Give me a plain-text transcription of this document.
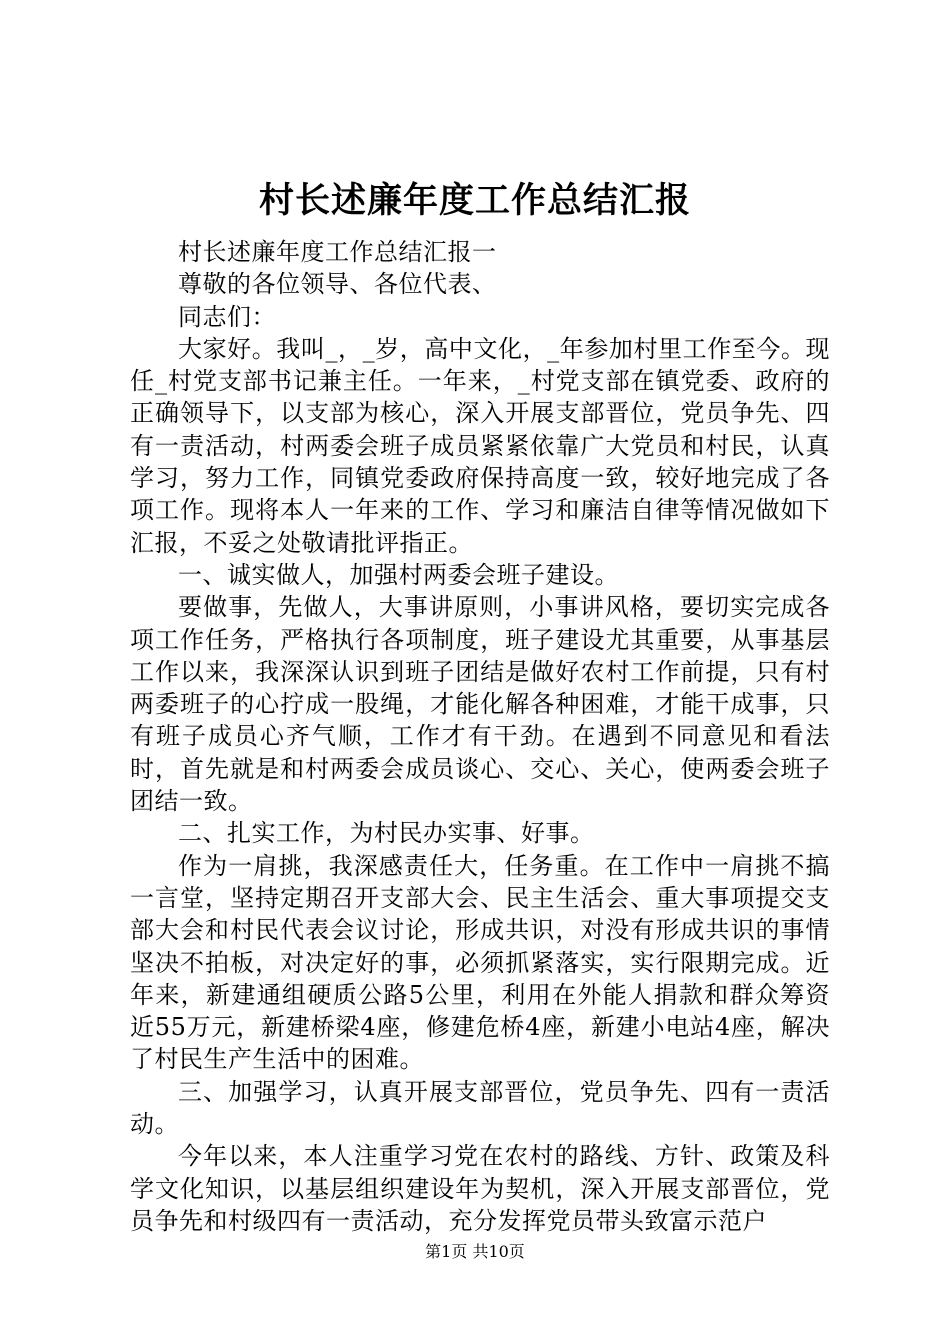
村长述廉年度工作总结汇报

村长述廉年度工作总结汇报一

尊敬的各位领导、各位代表、

同志们：

大家好。我叫_，_岁，高中文化，_年参加村里工作至今。现任_村党支部书记兼主任。一年来，_村党支部在镇党委、政府的正确领导下，以支部为核心，深入开展支部晋位，党员争先、四有一责活动，村两委会班子成员紧紧依靠广大党员和村民，认真学习，努力工作，同镇党委政府保持高度一致，较好地完成了各项工作。现将本人一年来的工作、学习和廉洁自律等情况做如下汇报，不妥之处敬请批评指正。

一、诚实做人，加强村两委会班子建设。

要做事，先做人，大事讲原则，小事讲风格，要切实完成各项工作任务，严格执行各项制度，班子建设尤其重要，从事基层工作以来，我深深认识到班子团结是做好农村工作前提，只有村两委班子的心拧成一股绳，才能化解各种困难，才能干成事，只有班子成员心齐气顺，工作才有干劲。在遇到不同意见和看法时，首先就是和村两委会成员谈心、交心、关心，使两委会班子团结一致。

二、扎实工作，为村民办实事、好事。

作为一肩挑，我深感责任大，任务重。在工作中一肩挑不搞一言堂，坚持定期召开支部大会、民主生活会、重大事项提交支部大会和村民代表会议讨论，形成共识，对没有形成共识的事情坚决不拍板，对决定好的事，必须抓紧落实，实行限期完成。近年来，新建通组硬质公路5公里，利用在外能人捐款和群众筹资近55万元，新建桥梁4座，修建危桥4座，新建小电站4座，解决了村民生产生活中的困难。

三、加强学习，认真开展支部晋位，党员争先、四有一责活动。

今年以来，本人注重学习党在农村的路线、方针、政策及科学文化知识，以基层组织建设年为契机，深入开展支部晋位，党员争先和村级四有一责活动，充分发挥党员带头致富示范户

第1页 共10页
